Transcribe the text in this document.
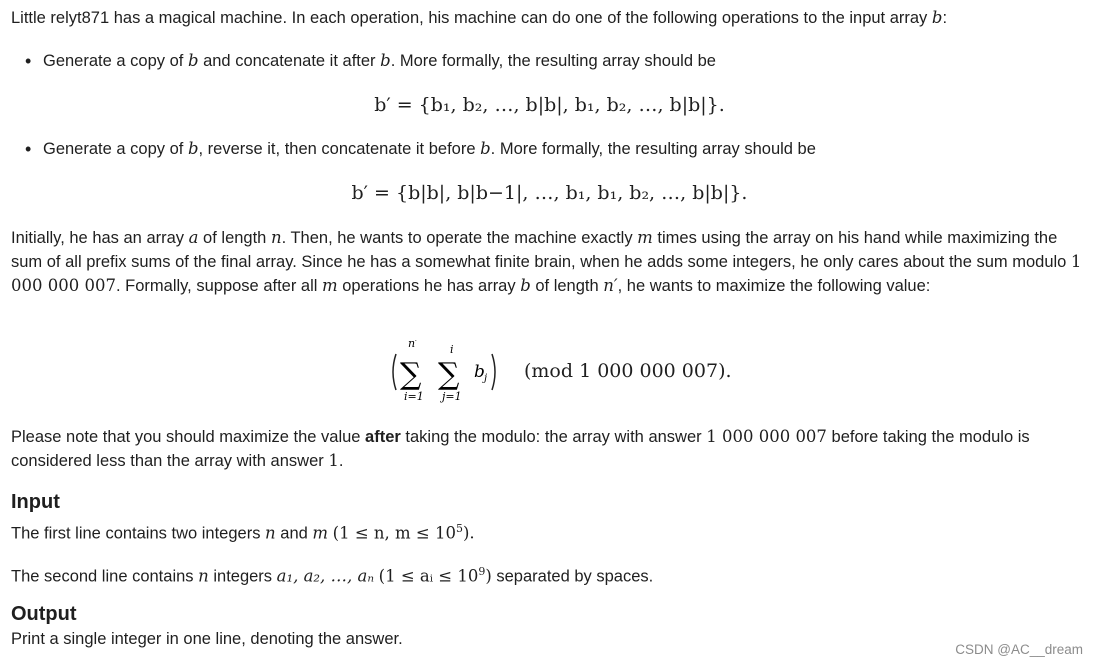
Little relyt871 has a magical machine. In each operation, his machine can do one of the following operations to the input array b:
• Generate a copy of b and concatenate it after b. More formally, the resulting array should be
b′ = {b₁, b₂, …, b|b|, b₁, b₂, …, b|b|}.
• Generate a copy of b, reverse it, then concatenate it before b. More formally, the resulting array should be
b′ = {b|b|, b|b−1|, …, b₁, b₁, b₂, …, b|b|}.
Initially, he has an array a of length n. Then, he wants to operate the machine exactly m times using the array on his hand while maximizing the sum of all prefix sums of the final array. Since he has a somewhat finite brain, when he adds some integers, he only cares about the sum modulo 1 000 000 007. Formally, suppose after all m operations he has array b of length n′, he wants to maximize the following value:
n′
∑
i=1
i
∑
j=1
b j (mod 1 000 000 007).
Please note that you should maximize the value after taking the modulo: the array with answer 1 000 000 007 before taking the modulo is considered less than the array with answer 1.
Input
The first line contains two integers n and m (1 ≤ n, $m \le 10^5$).
The second line contains n integers a₁, a₂, …, aₙ (1 ≤ aᵢ ≤ $10^9$) separated by spaces.
Output
Print a single integer in one line, denoting the answer.
CSDN @AC__dream
